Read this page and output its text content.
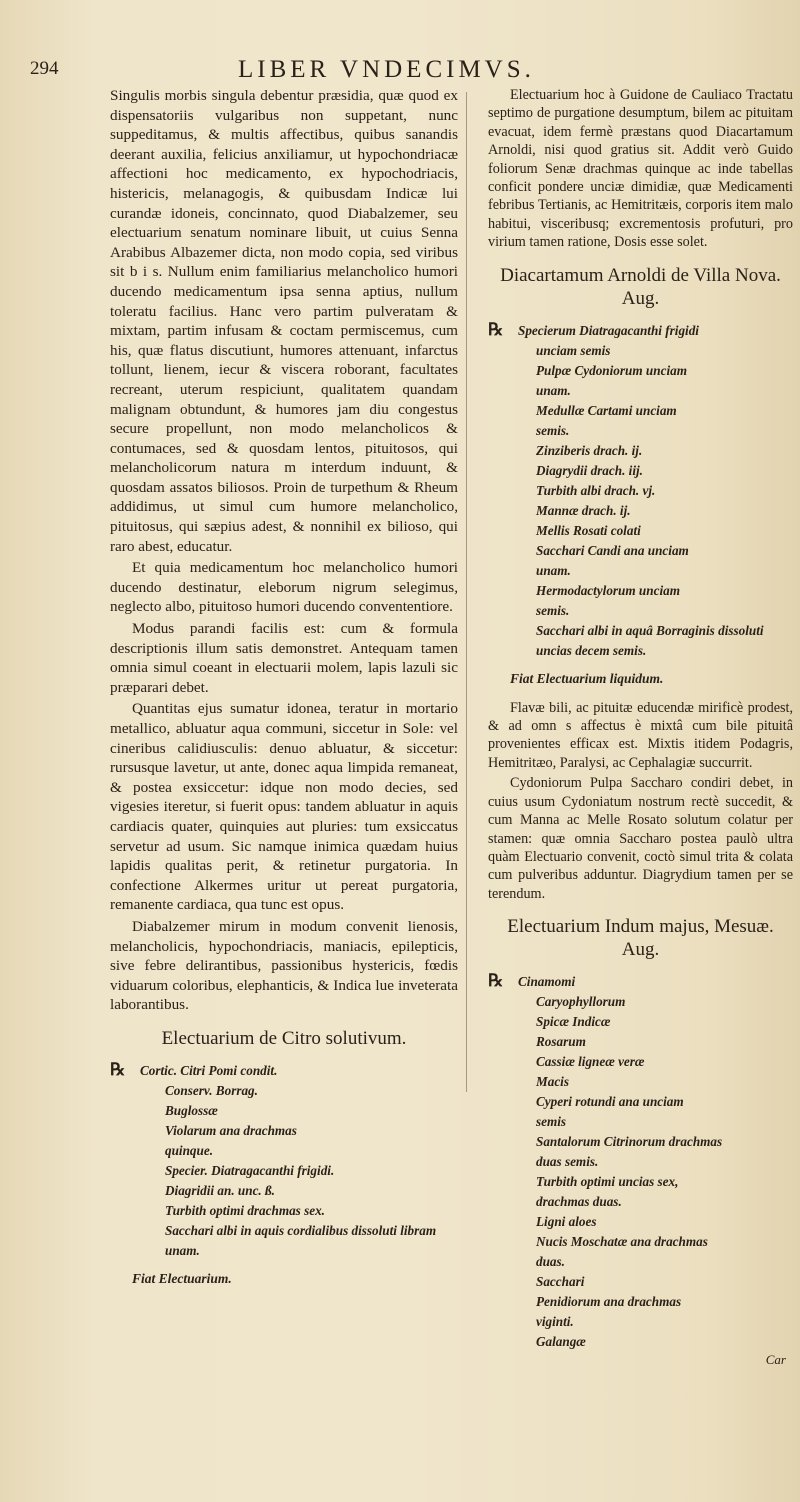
294	LIBER VNDECIMVS.

Singulis morbis singula debentur præsidia, quæ quod ex dispensatoriis vulgaribus non suppetant, nunc suppeditamus, & multis affectibus, quibus sanandis deerant auxilia, felicius anxiliamur, ut hypochondriacæ affectioni hoc medicamento, ex hypochodriacis, histericis, melanagogis, & quibusdam Indicæ lui curandæ idoneis, concinnato, quod Diabalzemer, seu electuarium senatum nominare libuit, ut cuius Senna Arabibus Albazemer dicta, non modo copia, sed viribus sit b i s. Nullum enim familiarius melancholico humori ducendo medicamentum ipsa senna aptius, nullum toleratu facilius. Hanc vero partim pulveratam & mixtam, partim infusam & coctam permiscemus, cum his, quæ flatus discutiunt, humores attenuant, infarctus tollunt, lienem, iecur & viscera roborant, facultates recreant, uterum respiciunt, qualitatem quandam malignam obtundunt, & humores jam diu congestus secure propellunt, non modo melancholicos & contumaces, sed & quosdam lentos, pituitosos, qui melancholicorum natura m interdum induunt, & quosdam assatos biliosos. Proin de turpethum & Rheum addidimus, ut simul cum humore melancholico, pituitosus, qui sæpius adest, & nonnihil ex bilioso, qui raro abest, educatur.

Et quia medicamentum hoc melancholico humori ducendo destinatur, eleborum nigrum selegimus, neglecto albo, pituitoso humori ducendo convententiore.

Modus parandi facilis est: cum & formula descriptionis illum satis demonstret. Antequam tamen omnia simul coeant in electuarii molem, lapis lazuli sic præparari debet.

Quantitas ejus sumatur idonea, teratur in mortario metallico, abluatur aqua communi, siccetur in Sole: vel cineribus calidiusculis: denuo abluatur, & siccetur: rursusque lavetur, ut ante, donec aqua limpida remaneat, & postea exsiccetur: idque non modo decies, sed vigesies iteretur, si fuerit opus: tandem abluatur in aquis cardiacis quater, quinquies aut pluries: tum exsiccatus servetur ad usum. Sic namque inimica quædam huius lapidis qualitas perit, & retinetur purgatoria. In confectione Alkermes uritur ut pereat purgatoria, remanente cardiaca, qua tunc est opus.

Diabalzemer mirum in modum convenit lienosis, melancholicis, hypochondriacis, maniacis, epilepticis, sive febre delirantibus, passionibus hystericis, fœdis viduarum coloribus, elephanticis, & Indica lue inveterata laborantibus.

Electuarium de Citro solutivum.
℞ Cortic. Citri Pomi condit.
Conserv. Borrag.
Buglossæ
Violarum ana drachmas
quinque.
Specier. Diatragacanthi frigidi.
Diagridii an. unc. ß.
Turbith optimi drachmas sex.
Sacchari albi in aquis cordialibus dissoluti libram unam.
Fiat Electuarium.

Electuarium hoc à Guidone de Cauliaco Tractatu septimo de purgatione desumptum, bilem ac pituitam evacuat, idem fermè præstans quod Diacartamum Arnoldi, nisi quod gratius sit. Addit verò Guido foliorum Senæ drachmas quinque ac inde tabellas conficit pondere unciæ dimidiæ, quæ Medicamenti febribus Tertianis, ac Hemitritæis, corporis item malo habitui, visceribusq; excrementosis profuturi, pro virium tamen ratione, Dosis esse solet.

Diacartamum Arnoldi de Villa Nova. Aug.
℞ Specierum Diatragacanthi frigidi
unciam semis
Pulpæ Cydoniorum unciam
unam.
Medullæ Cartami unciam
semis.
Zinziberis drach. ij.
Diagrydii drach. iij.
Turbith albi drach. vj.
Mannæ drach. ij.
Mellis Rosati colati
Sacchari Candi ana unciam
unam.
Hermodactylorum unciam
semis.
Sacchari albi in aquâ Borraginis dissoluti uncias decem semis.
Fiat Electuarium liquidum.

Flavæ bili, ac pituitæ educendæ mirificè prodest, & ad omn s affectus è mixtâ cum bile pituitâ provenientes efficax est. Mixtis itidem Podagris, Hemitritæo, Paralysi, ac Cephalagiæ succurrit.

Cydoniorum Pulpa Saccharo condiri debet, in cuius usum Cydoniatum nostrum rectè succedit, & cum Manna ac Melle Rosato solutum colatur per stamen: quæ omnia Saccharo postea paulò ultra quàm Electuario convenit, coctò simul trita & colata cum pulveribus adduntur. Diagrydium tamen per se terendum.

Electuarium Indum majus, Mesuæ. Aug.
℞ Cinamomi
Caryophyllorum
Spicæ Indicæ
Rosarum
Cassiæ ligneæ veræ
Macis
Cyperi rotundi ana unciam
semis
Santalorum Citrinorum drachmas
duas semis.
Turbith optimi uncias sex,
drachmas duas.
Ligni aloes
Nucis Moschatæ ana drachmas
duas.
Sacchari
Penidiorum ana drachmas
viginti.
Galangæ
Car
